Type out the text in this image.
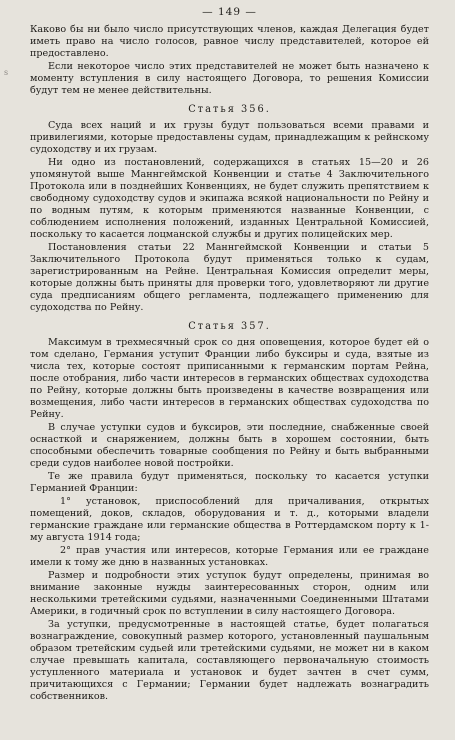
s
— 149 —

Каково бы ни было число присутствующих членов, каждая Делегация будет иметь право на число голосов, равное числу представителей, которое ей предоставлено.

Если некоторое число этих представителей не может быть назначено к моменту вступления в силу настоящего Договора, то решения Комиссии будут тем не менее действительны.

Статья 356.

Суда всех наций и их грузы будут пользоваться всеми правами и привилегиями, которые предоставлены судам, принадлежащим к рейнскому судоходству и их грузам.

Ни одно из постановлений, содержащихся в статьях 15—20 и 26 упомянутой выше Маннгеймской Конвенции и статье 4 Заключительного Протокола или в позднейших Конвенциях, не будет служить препятствием к свободному судоходству судов и экипажа всякой национальности по Рейну и по водным путям, к которым применяются названные Конвенции, с соблюдением исполнения положений, изданных Центральной Комиссией, поскольку то касается лоцманской службы и других полицейских мер.

Постановления статьи 22 Маннгеймской Конвенции и статьи 5 Заключительного Протокола будут применяться только к судам, зарегистрированным на Рейне. Центральная Комиссия определит меры, которые должны быть приняты для проверки того, удовлетворяют ли другие суда предписаниям общего регламента, подлежащего применению для судоходства по Рейну.

Статья 357.

Максимум в трехмесячный срок со дня оповещения, которое будет ей о том сделано, Германия уступит Франции либо буксиры и суда, взятые из числа тех, которые состоят приписанными к германским портам Рейна, после отобрания, либо части интересов в германских обществах судоходства по Рейну, которые должны быть произведены в качестве возвращения или возмещения, либо части интересов в германских обществах судоходства по Рейну.

В случае уступки судов и буксиров, эти последние, снабженные своей оснасткой и снаряжением, должны быть в хорошем состоянии, быть способными обеспечить товарные сообщения по Рейну и быть выбранными среди судов наиболее новой постройки.

Те же правила будут применяться, поскольку то касается уступки Германией Франции:

1° установок, приспособлений для причаливания, открытых помещений, доков, складов, оборудования и т. д., которыми владели германские граждане или германские общества в Роттердамском порту к 1-му августа 1914 года;

2° прав участия или интересов, которые Германия или ее граждане имели к тому же дню в названных установках.

Размер и подробности этих уступок будут определены, принимая во внимание законные нужды заинтересованных сторон, одним или несколькими третейскими судьями, назначенными Соединенными Штатами Америки, в годичный срок по вступлении в силу настоящего Договора.

За уступки, предусмотренные в настоящей статье, будет полагаться вознаграждение, совокупный размер которого, установленный паушальным образом третейским судьей или третейскими судьями, не может ни в каком случае превышать капитала, составляющего первоначальную стоимость уступленного материала и установок и будет зачтен в счет сумм, причитающихся с Германии; Германии будет надлежать вознаградить собственников.
